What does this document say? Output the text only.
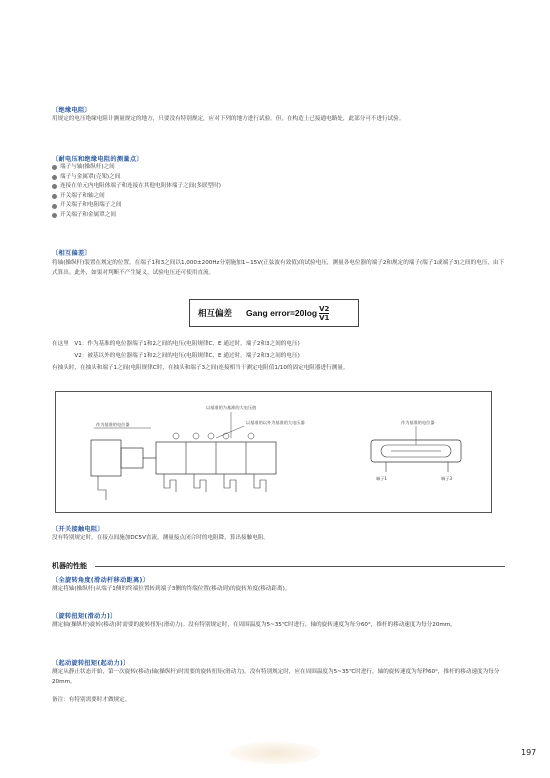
〔绝缘电阻〕
用规定的电压绝缘电阻计测量规定的地方，只要没有特别规定，应对下列的地方进行试验。但，在构造上已接通电路处，此部分可不进行试验。
〔耐电压和绝缘电阻的测量点〕
端子与轴(操纵杆)之间
端子与金属罩(壳架)之间
连接在单元内电阻体端子和连接在其他电阻体端子之间(多联型时)
开关端子和轴之间
开关端子和电阻端子之间
开关端子和金属罩之间
〔相互偏差〕
将轴(操纵杆)装置在规定的位置，在端子1和3之间以1,000±200Hz分别施加1−15V(正弦波有效值)的试验电压，测量各电位器的端子2和规定的端子(端子1或端子3)之间的电压，由下式算出。此外，如果对判断不产生疑义，试验电压还可使用直流。
相互偏差 Gang error=20log $\frac{V2}{V1}$
在这里　V1：作为基准的电位器端子1和2之间的电压(电阻规律C、E 通过时，端子2和3之间的电压)
　　　　V2：被基以外的电位器端子1和2之间的电压(电阻规律C、E 通过时，端子2和3之间的电压)
有抽头时，在抽头和端子1之间(电阻规律C时，在抽头和端子3之间)连接相当于测定电阻值1/10的固定电阻器进行测量。
以基准的为基准的大电压值
作为基准的电位器	以基准的以外为基准的大电压器	作为基准的电位器
端子1	端子3
〔开关接触电阻〕
没有特别规定时，在接点间施加DC5V直流，测量接点闭合时的电阻降，算出接触电阻。
机器的性能
〔全旋转角度(滑动杆移动距离)〕
测定将轴(操纵杆)从端子1侧的终端位置转到端子3侧的终端位置(移动到)的旋转角度(移动距离)。
〔旋转扭矩(滑动力)〕
测定轴(操纵杆)旋转(移动)时需要的旋转扭矩(滑动力)。没有特别规定时，在周围温度为5~35℃时进行，轴的旋转速度为每分60°，推杆的移动速度为每分20mm。
〔起动旋转扭矩(起动力)〕
测定从静止状态开始，第一次旋转(移动)轴(操纵杆)时需要的旋转扭矩(滑动力)。没有特别规定时，应在周围温度为5~35℃时进行，轴的旋转速度为每秒60°，推杆的移动速度为每分20mm。
备注：有特别需要时才做规定。
197
